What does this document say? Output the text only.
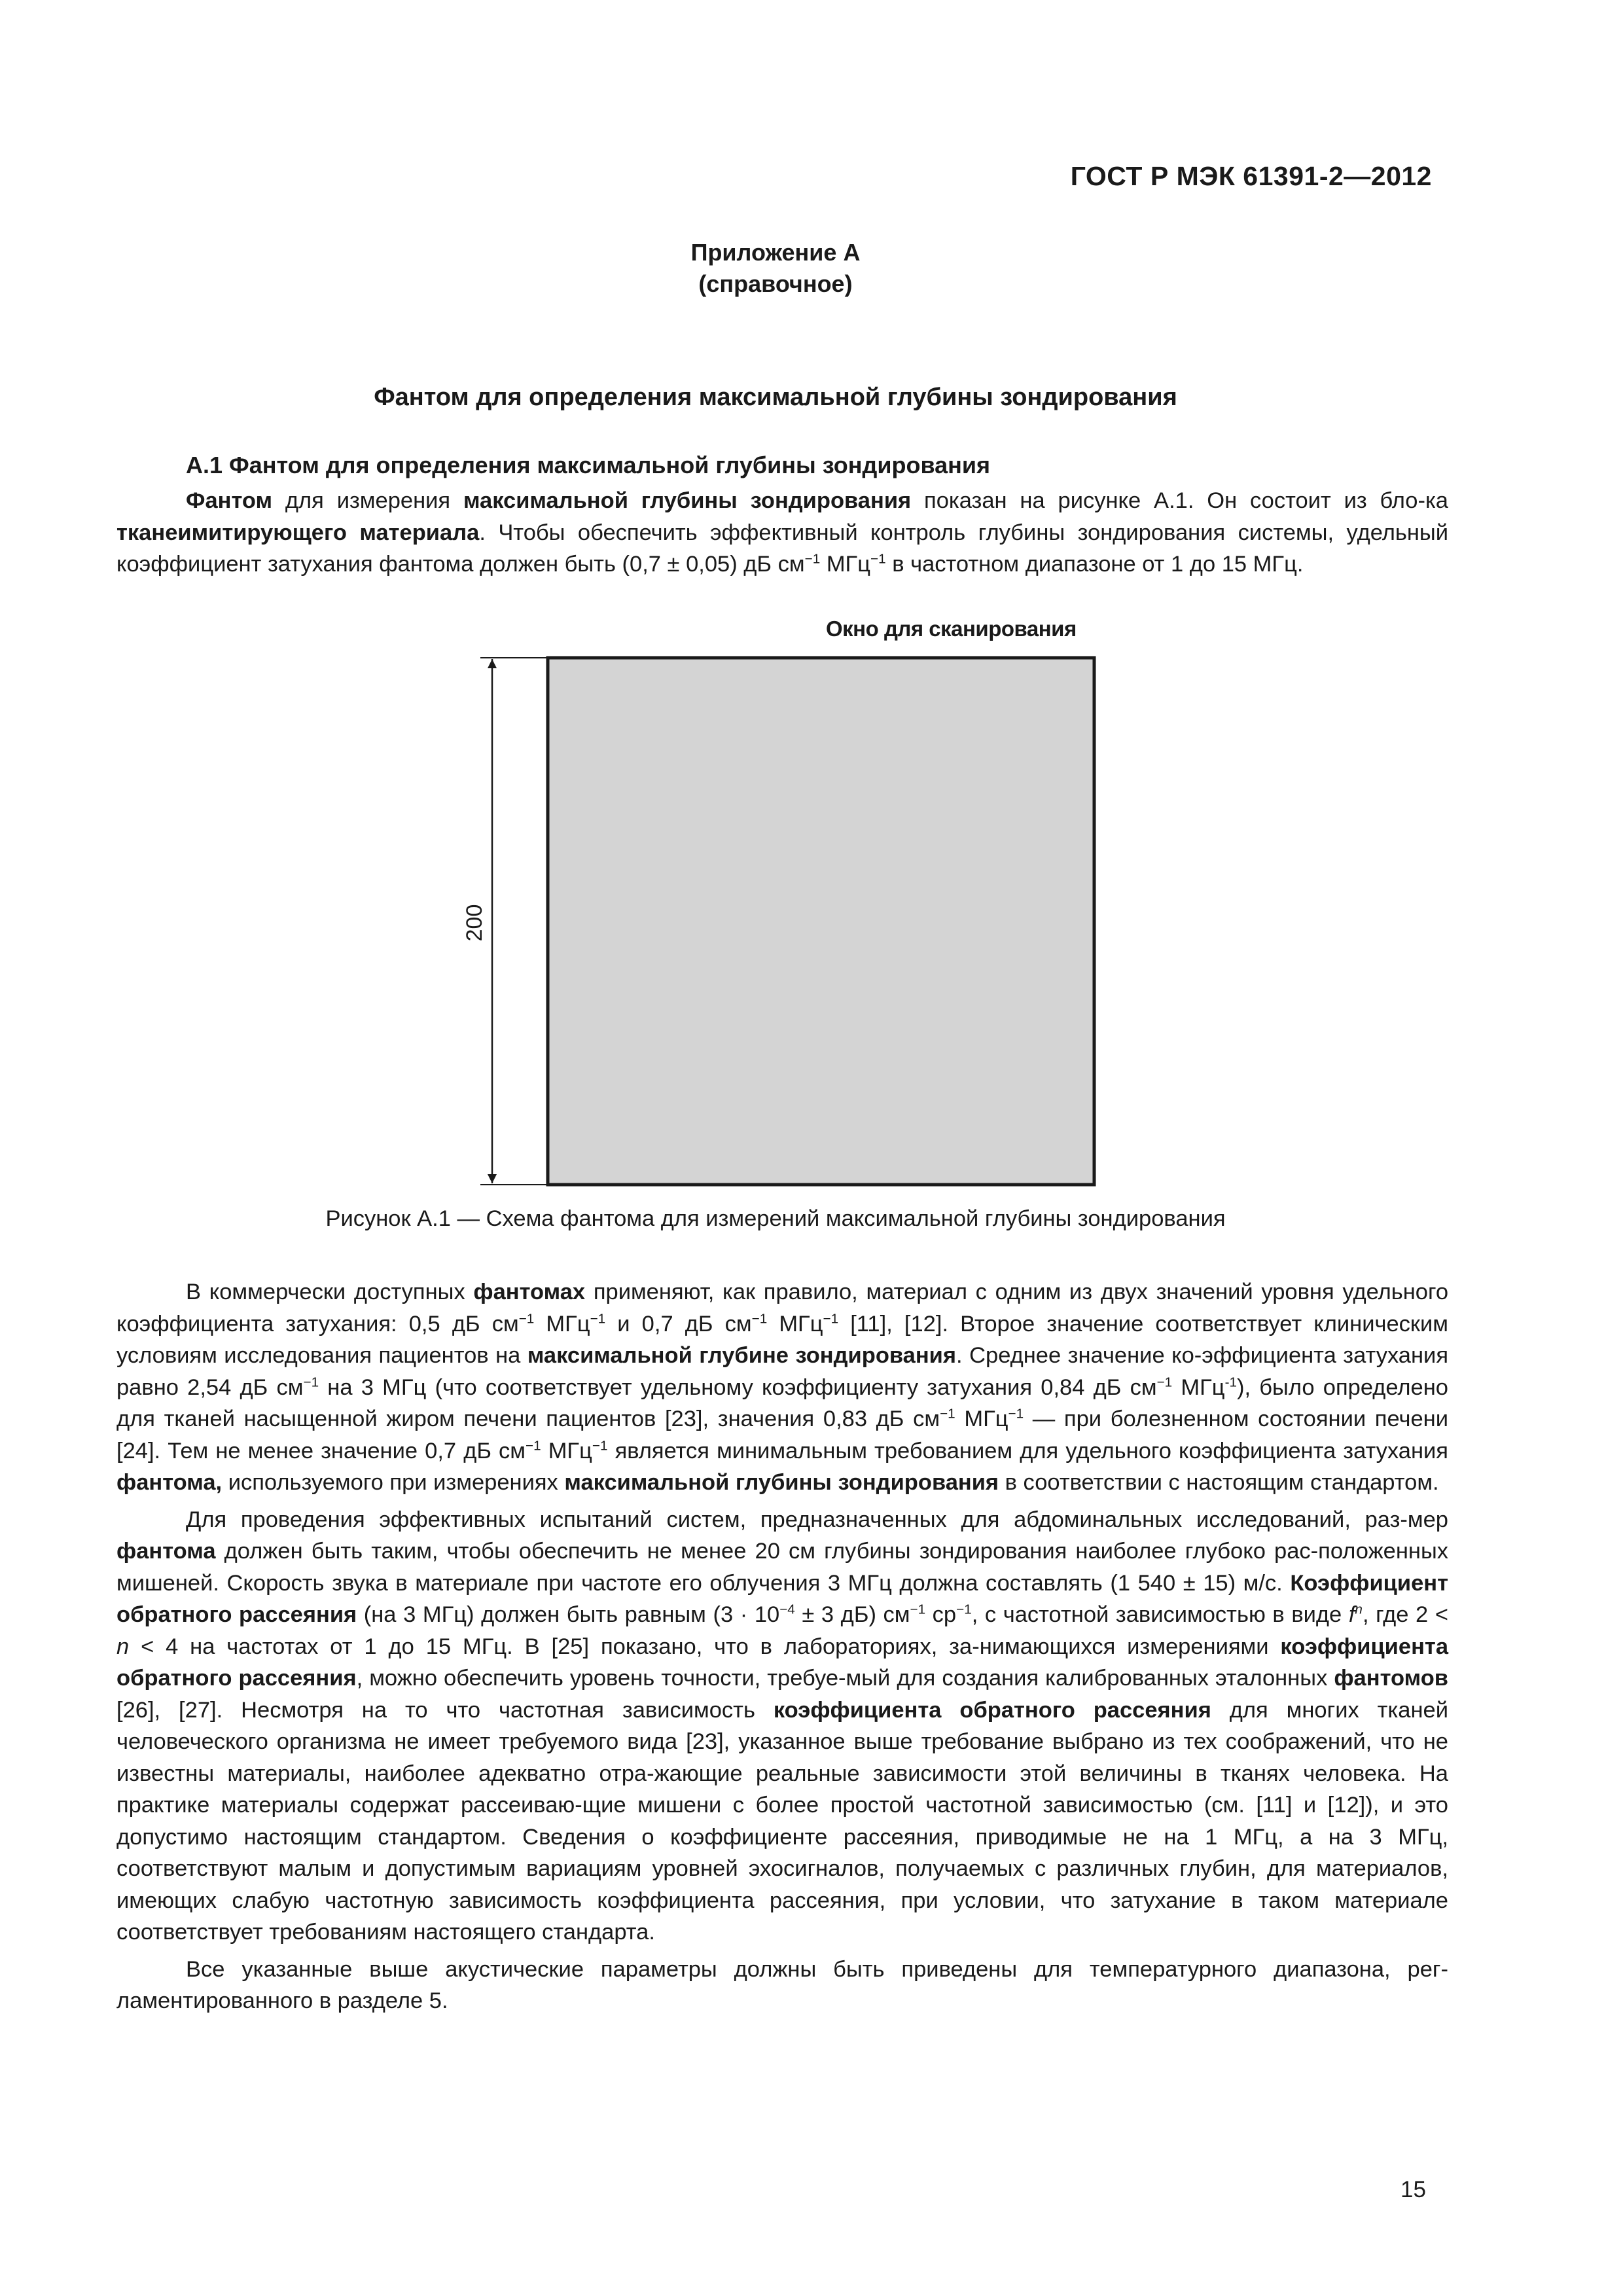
ГОСТ Р МЭК 61391-2—2012
Приложение А
(справочное)
Фантом для определения максимальной глубины зондирования
А.1 Фантом для определения максимальной глубины зондирования

Фантом для измерения максимальной глубины зондирования показан на рисунке А.1. Он состоит из бло-ка тканеимитирующего материала. Чтобы обеспечить эффективный контроль глубины зондирования системы, удельный коэффициент затухания фантома должен быть (0,7 ± 0,05) дБ $см^{-1}$ МГц$^{-1}$ в частотном диапазоне от 1 до 15 МГц.

Окно для сканирования
200
Рисунок А.1 — Схема фантома для измерений максимальной глубины зондирования

В коммерчески доступных фантомах применяют, как правило, материал с одним из двух значений уровня удельного коэффициента затухания: 0,5 дБ $см^{-1}$ МГц$^{-1}$ и 0,7 дБ $см^{-1}$ МГц$^{-1}$ [11], [12]. Второе значение соответствует клиническим условиям исследования пациентов на максимальной глубине зондирования. Среднее значение ко-эффициента затухания равно 2,54 дБ $см^{-1}$ на 3 МГц (что соответствует удельному коэффициенту затухания 0,84 дБ $см^{-1}$ МГц$^{-1}$), было определено для тканей насыщенной жиром печени пациентов [23], значения 0,83 дБ $см^{-1}$ МГц$^{-1}$ — при болезненном состоянии печени [24]. Тем не менее значение 0,7 дБ $см^{-1}$ МГц$^{-1}$ является минимальным требованием для удельного коэффициента затухания фантома, используемого при измерениях максимальной глубины зондирования в соответствии с настоящим стандартом.

Для проведения эффективных испытаний систем, предназначенных для абдоминальных исследований, раз-мер фантома должен быть таким, чтобы обеспечить не менее 20 см глубины зондирования наиболее глубоко рас-положенных мишеней. Скорость звука в материале при частоте его облучения 3 МГц должна составлять (1 540 ± 15) м/с. Коэффициент обратного рассеяния (на 3 МГц) должен быть равным ($3 \cdot 10^{-4} \pm 3$ дБ) $см^{-1}$ $ср^{-1}$, с частотной зависимостью в виде $f^n$, где 2 < n < 4 на частотах от 1 до 15 МГц. В [25] показано, что в лабораториях, за-нимающихся измерениями коэффициента обратного рассеяния, можно обеспечить уровень точности, требуе-мый для создания калиброванных эталонных фантомов [26], [27]. Несмотря на то что частотная зависимость коэффициента обратного рассеяния для многих тканей человеческого организма не имеет требуемого вида [23], указанное выше требование выбрано из тех соображений, что не известны материалы, наиболее адекватно отра-жающие реальные зависимости этой величины в тканях человека. На практике материалы содержат рассеиваю-щие мишени с более простой частотной зависимостью (см. [11] и [12]), и это допустимо настоящим стандартом. Сведения о коэффициенте рассеяния, приводимые не на 1 МГц, а на 3 МГц, соответствуют малым и допустимым вариациям уровней эхосигналов, получаемых с различных глубин, для материалов, имеющих слабую частотную зависимость коэффициента рассеяния, при условии, что затухание в таком материале соответствует требованиям настоящего стандарта.

Все указанные выше акустические параметры должны быть приведены для температурного диапазона, рег-ламентированного в разделе 5.

15
